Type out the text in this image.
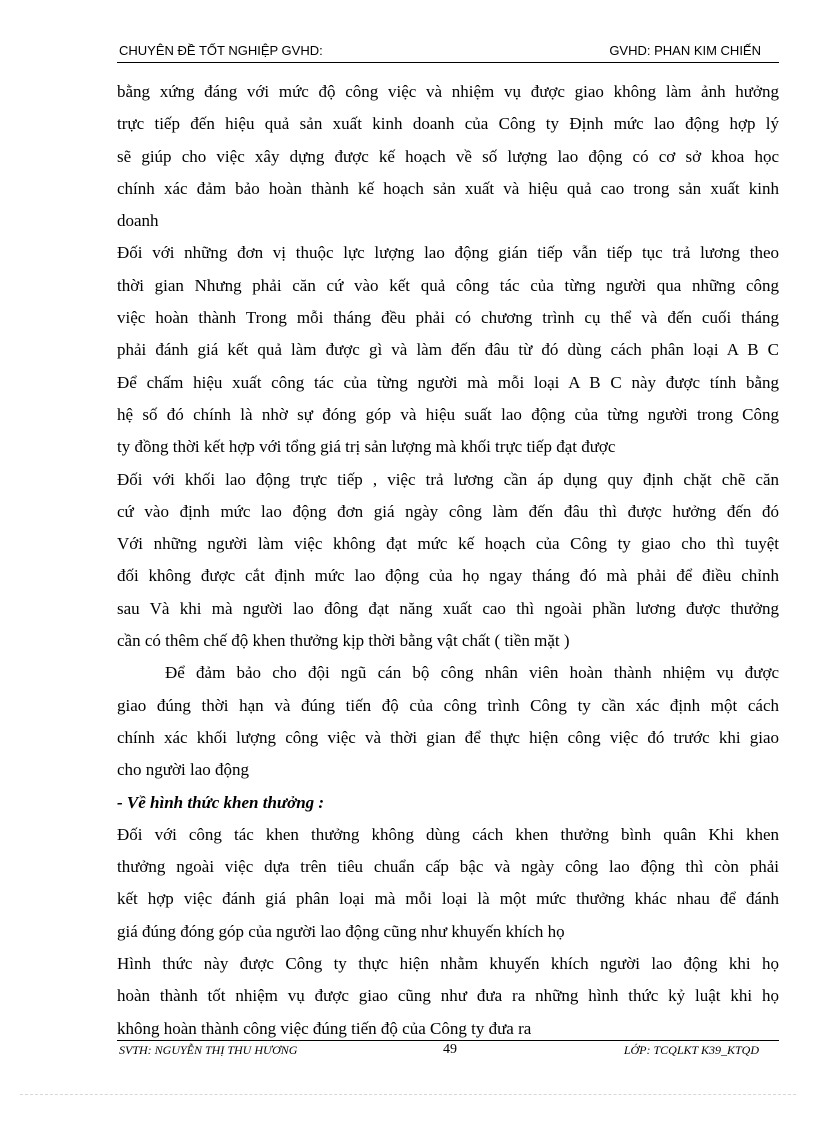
CHUYÊN ĐỀ TỐT NGHIỆP GVHD:	GVHD: PHAN KIM CHIẾN
bằng xứng đáng với mức độ công việc và nhiệm vụ được giao không làm ảnh hưởng
trực tiếp đến hiệu quả sản xuất kinh doanh của Công ty Định mức lao động hợp lý
sẽ giúp cho việc xây dựng được kế hoạch về số lượng lao động có cơ sở khoa học
chính xác đảm bảo hoàn thành kế hoạch sản xuất và hiệu quả cao trong sản xuất kinh
doanh
Đối với những đơn vị thuộc lực lượng lao động gián tiếp vẫn tiếp tục trả lương theo
thời gian Nhưng phải căn cứ vào kết quả công tác của từng người qua những công
việc hoàn thành Trong mỗi tháng đều phải có chương trình cụ thể và đến cuối tháng
phải đánh giá kết quả làm được gì và làm đến đâu từ đó dùng cách phân loại A B C
Để chấm hiệu xuất công tác của từng người mà mỗi loại A B C này được tính bằng
hệ số đó chính là nhờ sự đóng góp và hiệu suất lao động của từng người trong Công
ty đồng thời kết hợp với tổng giá trị sản lượng mà khối trực tiếp đạt được
Đối với khối lao động trực tiếp , việc trả lương cần áp dụng quy định chặt chẽ căn
cứ vào định mức lao động đơn giá ngày công làm đến đâu thì được hưởng đến đó
Với những người làm việc không đạt mức kế hoạch của Công ty giao cho thì tuyệt
đối không được cắt định mức lao động của họ ngay tháng đó mà phải để điều chỉnh
sau Và khi mà người lao đông đạt năng xuất cao thì ngoài phần lương được thưởng
cần có thêm chế độ khen thưởng kịp thời bằng vật chất ( tiền mặt )
Để đảm bảo cho đội ngũ cán bộ công nhân viên hoàn thành nhiệm vụ được
giao đúng thời hạn và đúng tiến độ của công trình Công ty cần xác định một cách
chính xác khối lượng công việc và thời gian để thực hiện công việc đó trước khi giao
cho người lao động
- Về hình thức khen thưởng :
Đối với công tác khen thưởng không dùng cách khen thưởng bình quân Khi khen
thưởng ngoài việc dựa trên tiêu chuẩn cấp bậc và ngày công lao động thì còn phải
kết hợp việc đánh giá phân loại mà mỗi loại là một mức thưởng khác nhau để đánh
giá đúng đóng góp của người lao động cũng như khuyến khích họ
Hình thức này được Công ty thực hiện nhằm khuyến khích người lao động khi họ
hoàn thành tốt nhiệm vụ được giao cũng như đưa ra những hình thức kỷ luật khi họ
không hoàn thành công việc đúng tiến độ của Công ty đưa ra
SVTH: NGUYỄN THỊ THU HƯƠNG	49	LỚP: TCQLKT K39_KTQD
